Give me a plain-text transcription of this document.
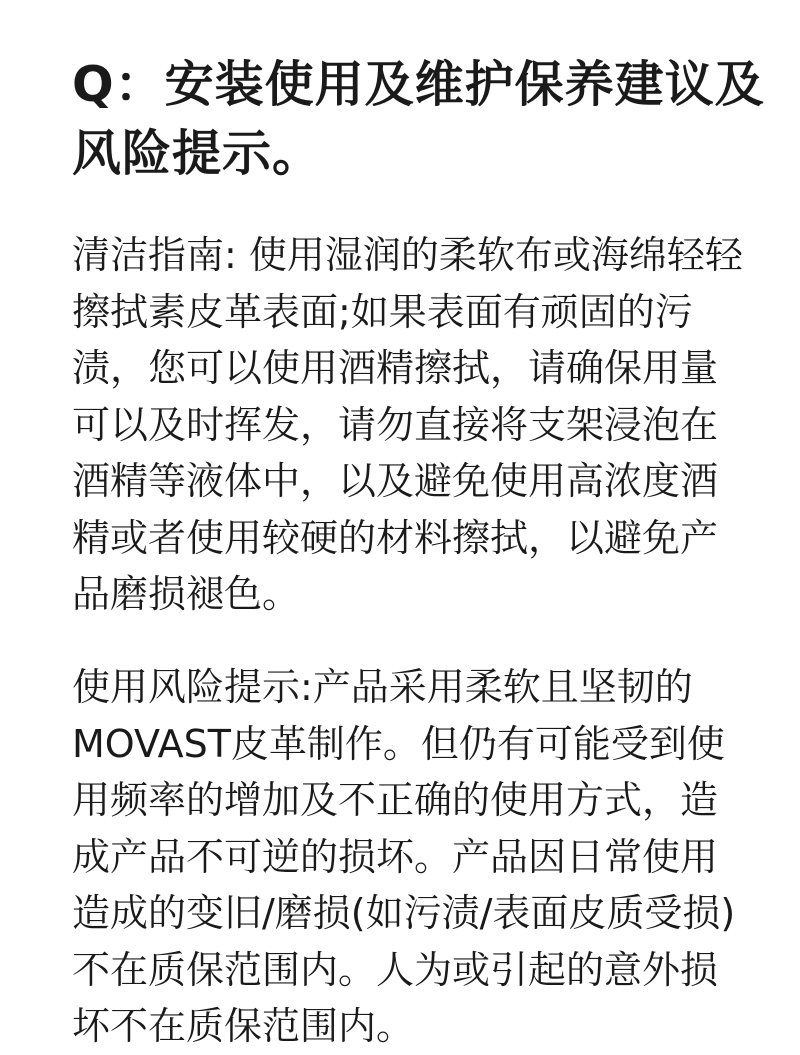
Q：安装使用及维护保养建议及
风险提示。

清洁指南: 使用湿润的柔软布或海绵轻轻
擦拭素皮革表面;如果表面有顽固的污
渍，您可以使用酒精擦拭，请确保用量
可以及时挥发，请勿直接将支架浸泡在
酒精等液体中，以及避免使用高浓度酒
精或者使用较硬的材料擦拭，以避免产
品磨损褪色。

使用风险提示:产品采用柔软且坚韧的
MOVAST皮革制作。但仍有可能受到使
用频率的增加及不正确的使用方式，造
成产品不可逆的损坏。产品因日常使用
造成的变旧/磨损(如污渍/表面皮质受损)
不在质保范围内。人为或引起的意外损
坏不在质保范围内。
